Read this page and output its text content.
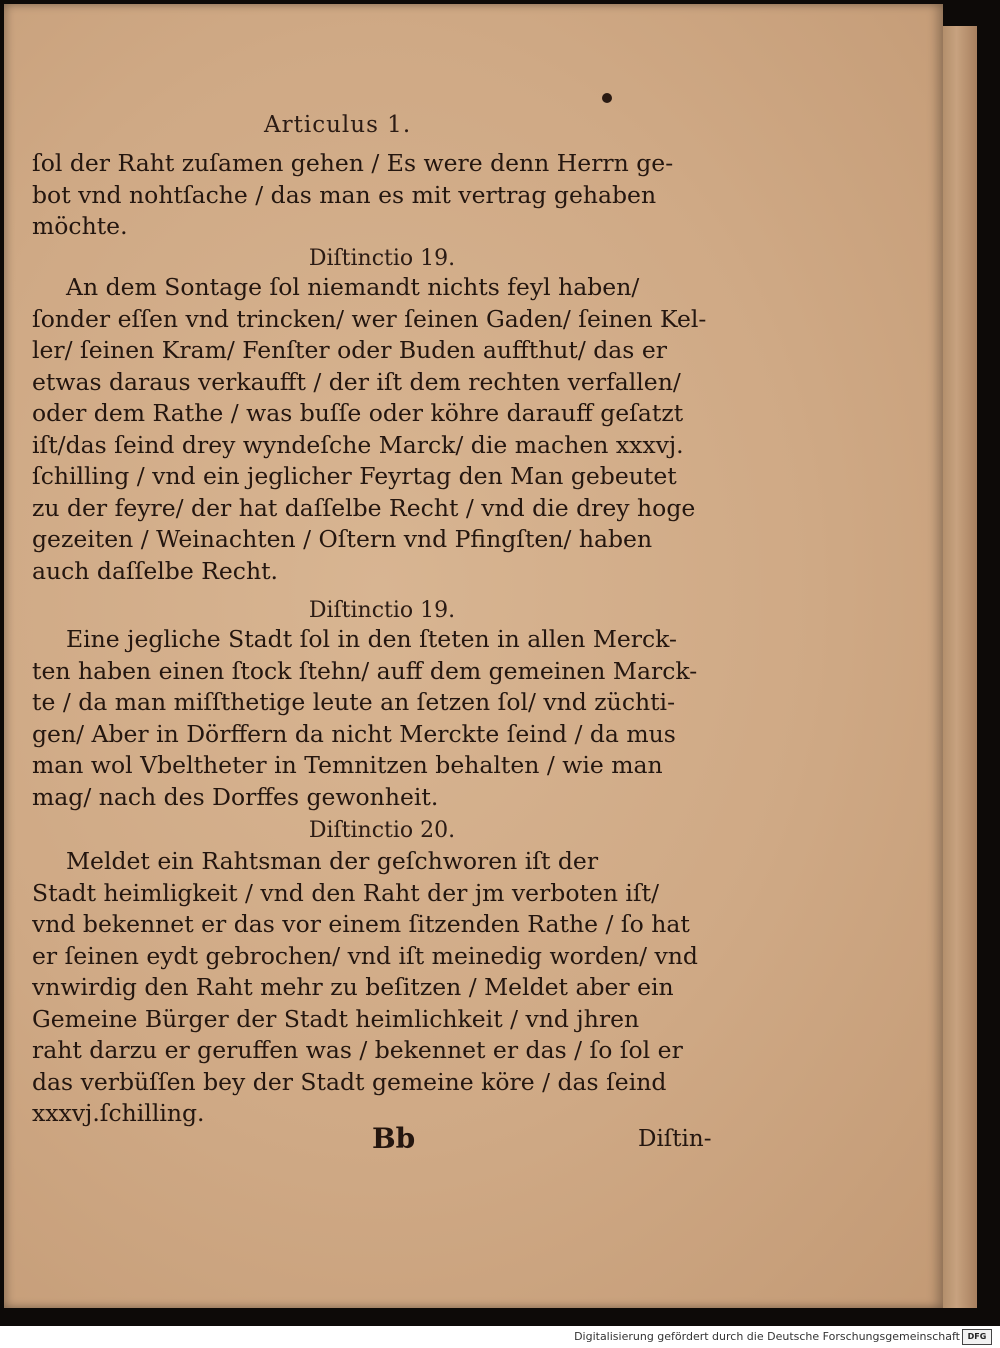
Articulus 1.
ſol der Raht zuſamen gehen / Es were denn Herrn ge-
bot vnd nohtſache / das man es mit vertrag gehaben
möchte.
Diſtinctio 19.
An dem Sontage ſol niemandt nichts feyl haben/
ſonder eſſen vnd trincken/ wer ſeinen Gaden/ ſeinen Kel-
ler/ ſeinen Kram/ Fenſter oder Buden auffthut/ das er
etwas daraus verkaufft / der iſt dem rechten verfallen/
oder dem Rathe / was buſſe oder köhre darauff geſatzt
iſt/das ſeind drey wyndeſche Marck/ die machen xxxvj.
ſchilling / vnd ein jeglicher Feyrtag den Man gebeutet
zu der feyre/ der hat daſſelbe Recht / vnd die drey hoge
gezeiten / Weinachten / Oſtern vnd Pfingſten/ haben
auch daſſelbe Recht.
Diſtinctio 19.
Eine jegliche Stadt ſol in den ſteten in allen Merck-
ten haben einen ſtock ſtehn/ auff dem gemeinen Marck-
te / da man miſſthetige leute an ſetzen ſol/ vnd züchti-
gen/ Aber in Dörffern da nicht Merckte ſeind / da mus
man wol Vbeltheter in Temnitzen behalten / wie man
mag/ nach des Dorffes gewonheit.
Diſtinctio 20.
Meldet ein Rahtsman der geſchworen iſt der
Stadt heimligkeit / vnd den Raht der jm verboten iſt/
vnd bekennet er das vor einem ſitzenden Rathe / ſo hat
er ſeinen eydt gebrochen/ vnd iſt meinedig worden/ vnd
vnwirdig den Raht mehr zu beſitzen / Meldet aber ein
Gemeine Bürger der Stadt heimlichkeit / vnd jhren
raht darzu er geruffen was / bekennet er das / ſo ſol er
das verbüſſen bey der Stadt gemeine köre / das ſeind
xxxvj.ſchilling.
Bb	Diſtin-
Digitalisierung gefördert durch die Deutsche Forschungsgemeinschaft DFG
